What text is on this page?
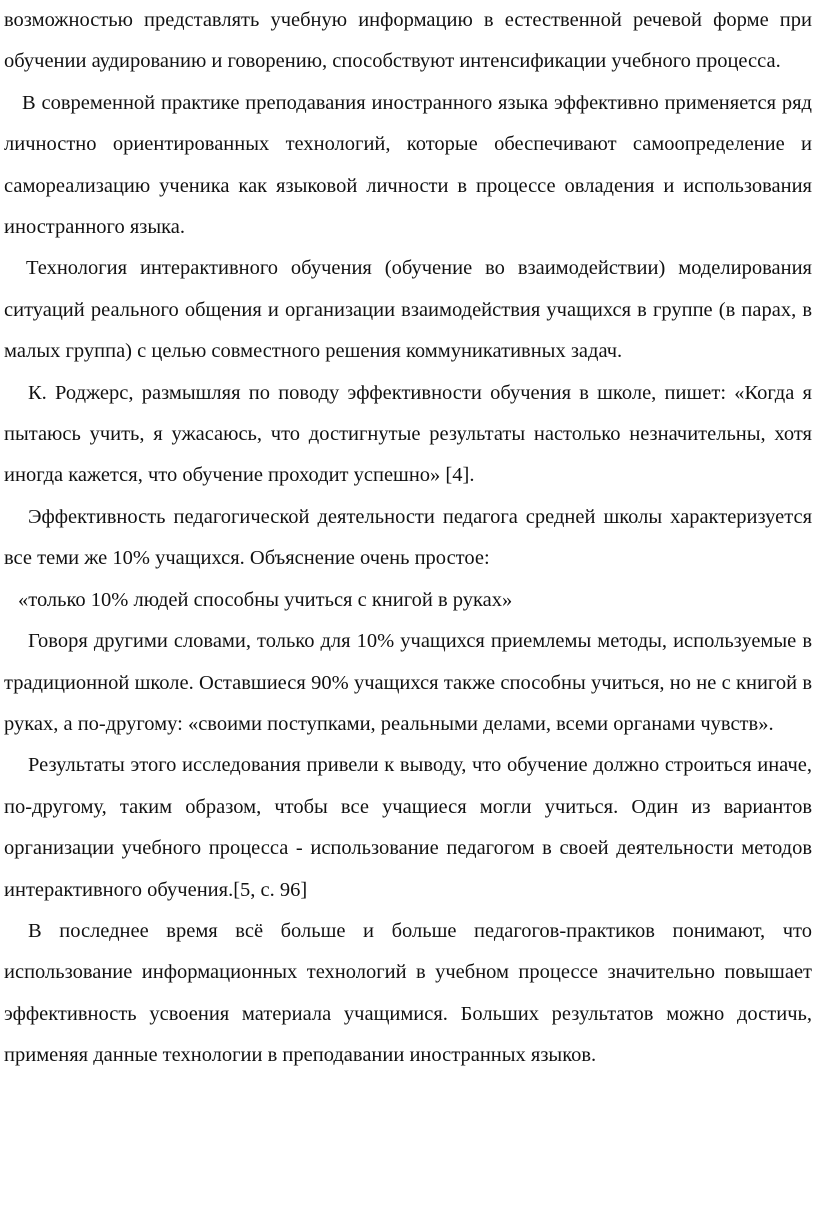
возможностью представлять учебную информацию в естественной речевой форме при обучении аудированию и говорению, способствуют интенсификации учебного процесса.

В современной практике преподавания иностранного языка эффективно применяется ряд личностно ориентированных технологий, которые обеспечивают самоопределение и самореализацию ученика как языковой личности в процессе овладения и использования иностранного языка.

Технология интерактивного обучения (обучение во взаимодействии) моделирования ситуаций реального общения и организации взаимодействия учащихся в группе (в парах, в малых группа) с целью совместного решения коммуникативных задач.

К. Роджерс, размышляя по поводу эффективности обучения в школе, пишет: «Когда я пытаюсь учить, я ужасаюсь, что достигнутые результаты настолько незначительны, хотя иногда кажется, что обучение проходит успешно» [4].

Эффективность педагогической деятельности педагога средней школы характеризуется все теми же 10% учащихся. Объяснение очень простое:

«только 10% людей способны учиться с книгой в руках»

Говоря другими словами, только для 10% учащихся приемлемы методы, используемые в традиционной школе. Оставшиеся 90% учащихся также способны учиться, но не с книгой в руках, а по-другому: «своими поступками, реальными делами, всеми органами чувств».

Результаты этого исследования привели к выводу, что обучение должно строиться иначе, по-другому, таким образом, чтобы все учащиеся могли учиться. Один из вариантов организации учебного процесса - использование педагогом в своей деятельности методов интерактивного обучения.[5, с. 96]

В последнее время всё больше и больше педагогов-практиков понимают, что использование информационных технологий в учебном процессе значительно повышает эффективность усвоения материала учащимися. Больших результатов можно достичь, применяя данные технологии в преподавании иностранных языков.
